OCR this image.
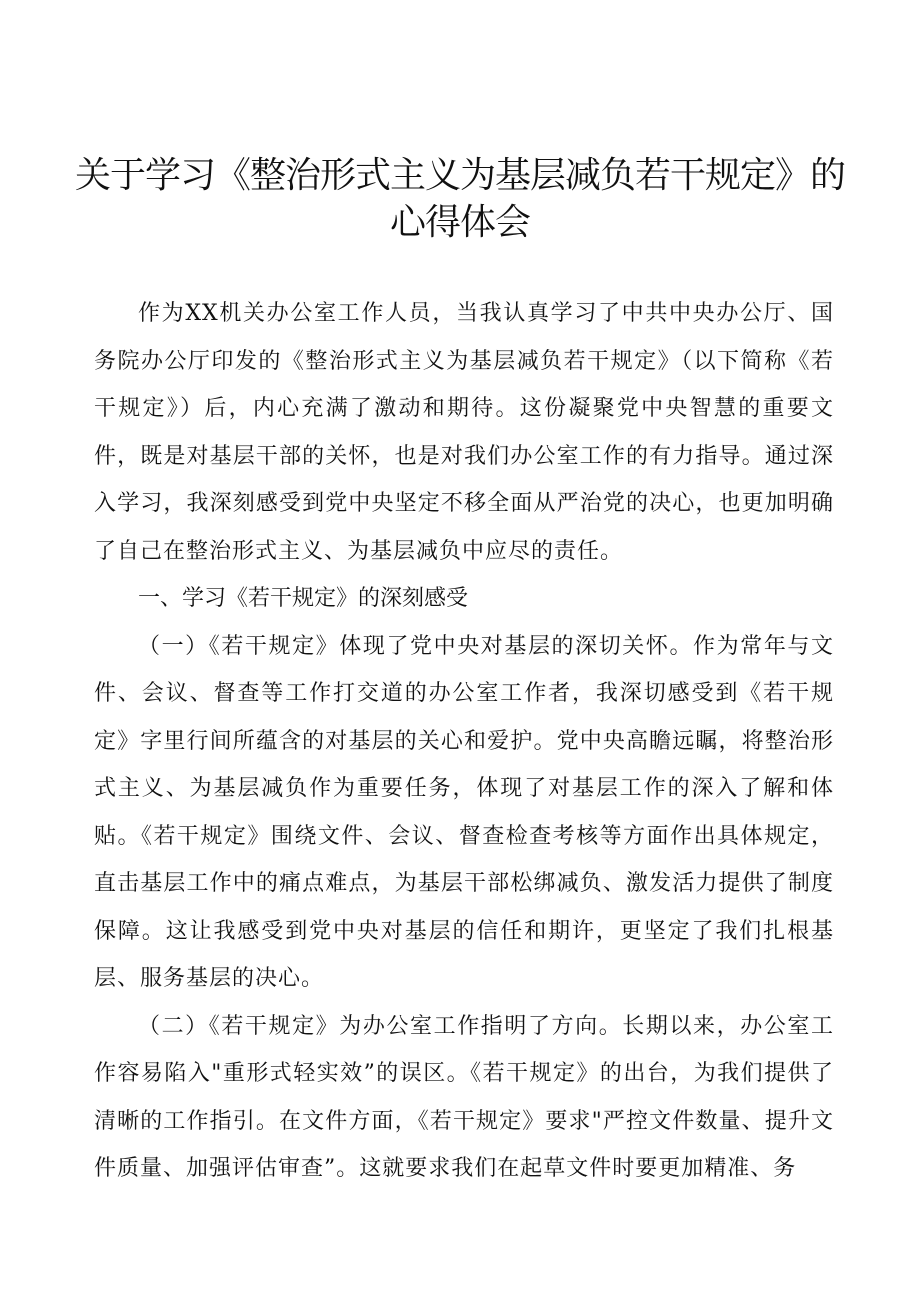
关于学习《整治形式主义为基层减负若干规定》的
心得体会

作为XX机关办公室工作人员，当我认真学习了中共中央办公厅、国务院办公厅印发的《整治形式主义为基层减负若干规定》（以下简称《若干规定》）后，内心充满了激动和期待。这份凝聚党中央智慧的重要文件，既是对基层干部的关怀，也是对我们办公室工作的有力指导。通过深入学习，我深刻感受到党中央坚定不移全面从严治党的决心，也更加明确了自己在整治形式主义、为基层减负中应尽的责任。

一、学习《若干规定》的深刻感受

（一）《若干规定》体现了党中央对基层的深切关怀。作为常年与文件、会议、督查等工作打交道的办公室工作者，我深切感受到《若干规定》字里行间所蕴含的对基层的关心和爱护。党中央高瞻远瞩，将整治形式主义、为基层减负作为重要任务，体现了对基层工作的深入了解和体贴。《若干规定》围绕文件、会议、督查检查考核等方面作出具体规定，直击基层工作中的痛点难点，为基层干部松绑减负、激发活力提供了制度保障。这让我感受到党中央对基层的信任和期许，更坚定了我们扎根基层、服务基层的决心。

（二）《若干规定》为办公室工作指明了方向。长期以来，办公室工作容易陷入"重形式轻实效”的误区。《若干规定》的出台，为我们提供了清晰的工作指引。在文件方面，《若干规定》要求"严控文件数量、提升文件质量、加强评估审查”。这就要求我们在起草文件时要更加精准、务
